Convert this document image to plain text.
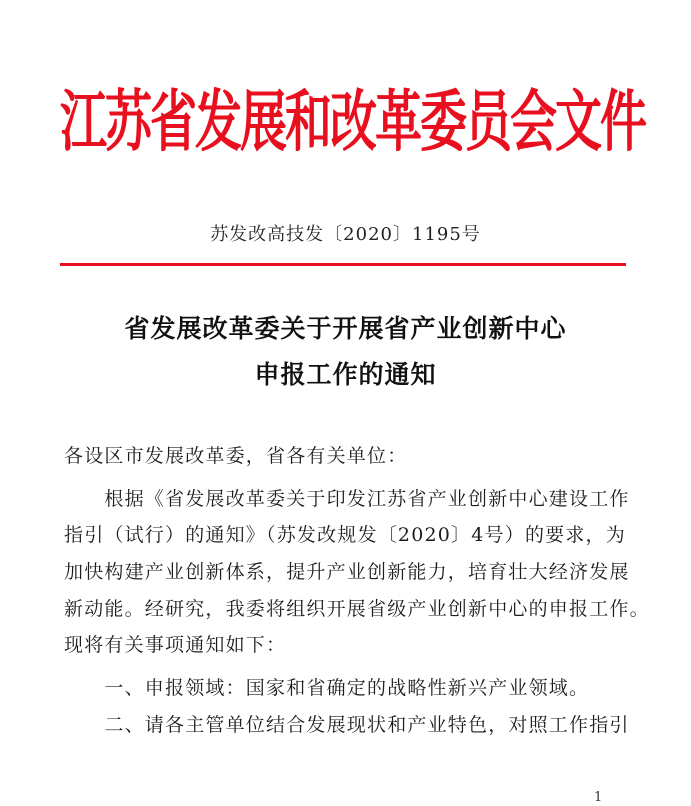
江苏省发展和改革委员会文件
苏发改高技发〔2020〕1195号
省发展改革委关于开展省产业创新中心
申报工作的通知
各设区市发展改革委，省各有关单位：
　　根据《省发展改革委关于印发江苏省产业创新中心建设工作
指引（试行）的通知》（苏发改规发〔2020〕4号）的要求，为
加快构建产业创新体系，提升产业创新能力，培育壮大经济发展
新动能。经研究，我委将组织开展省级产业创新中心的申报工作。
现将有关事项通知如下：
　　一、申报领域：国家和省确定的战略性新兴产业领域。
　　二、请各主管单位结合发展现状和产业特色，对照工作指引
1
